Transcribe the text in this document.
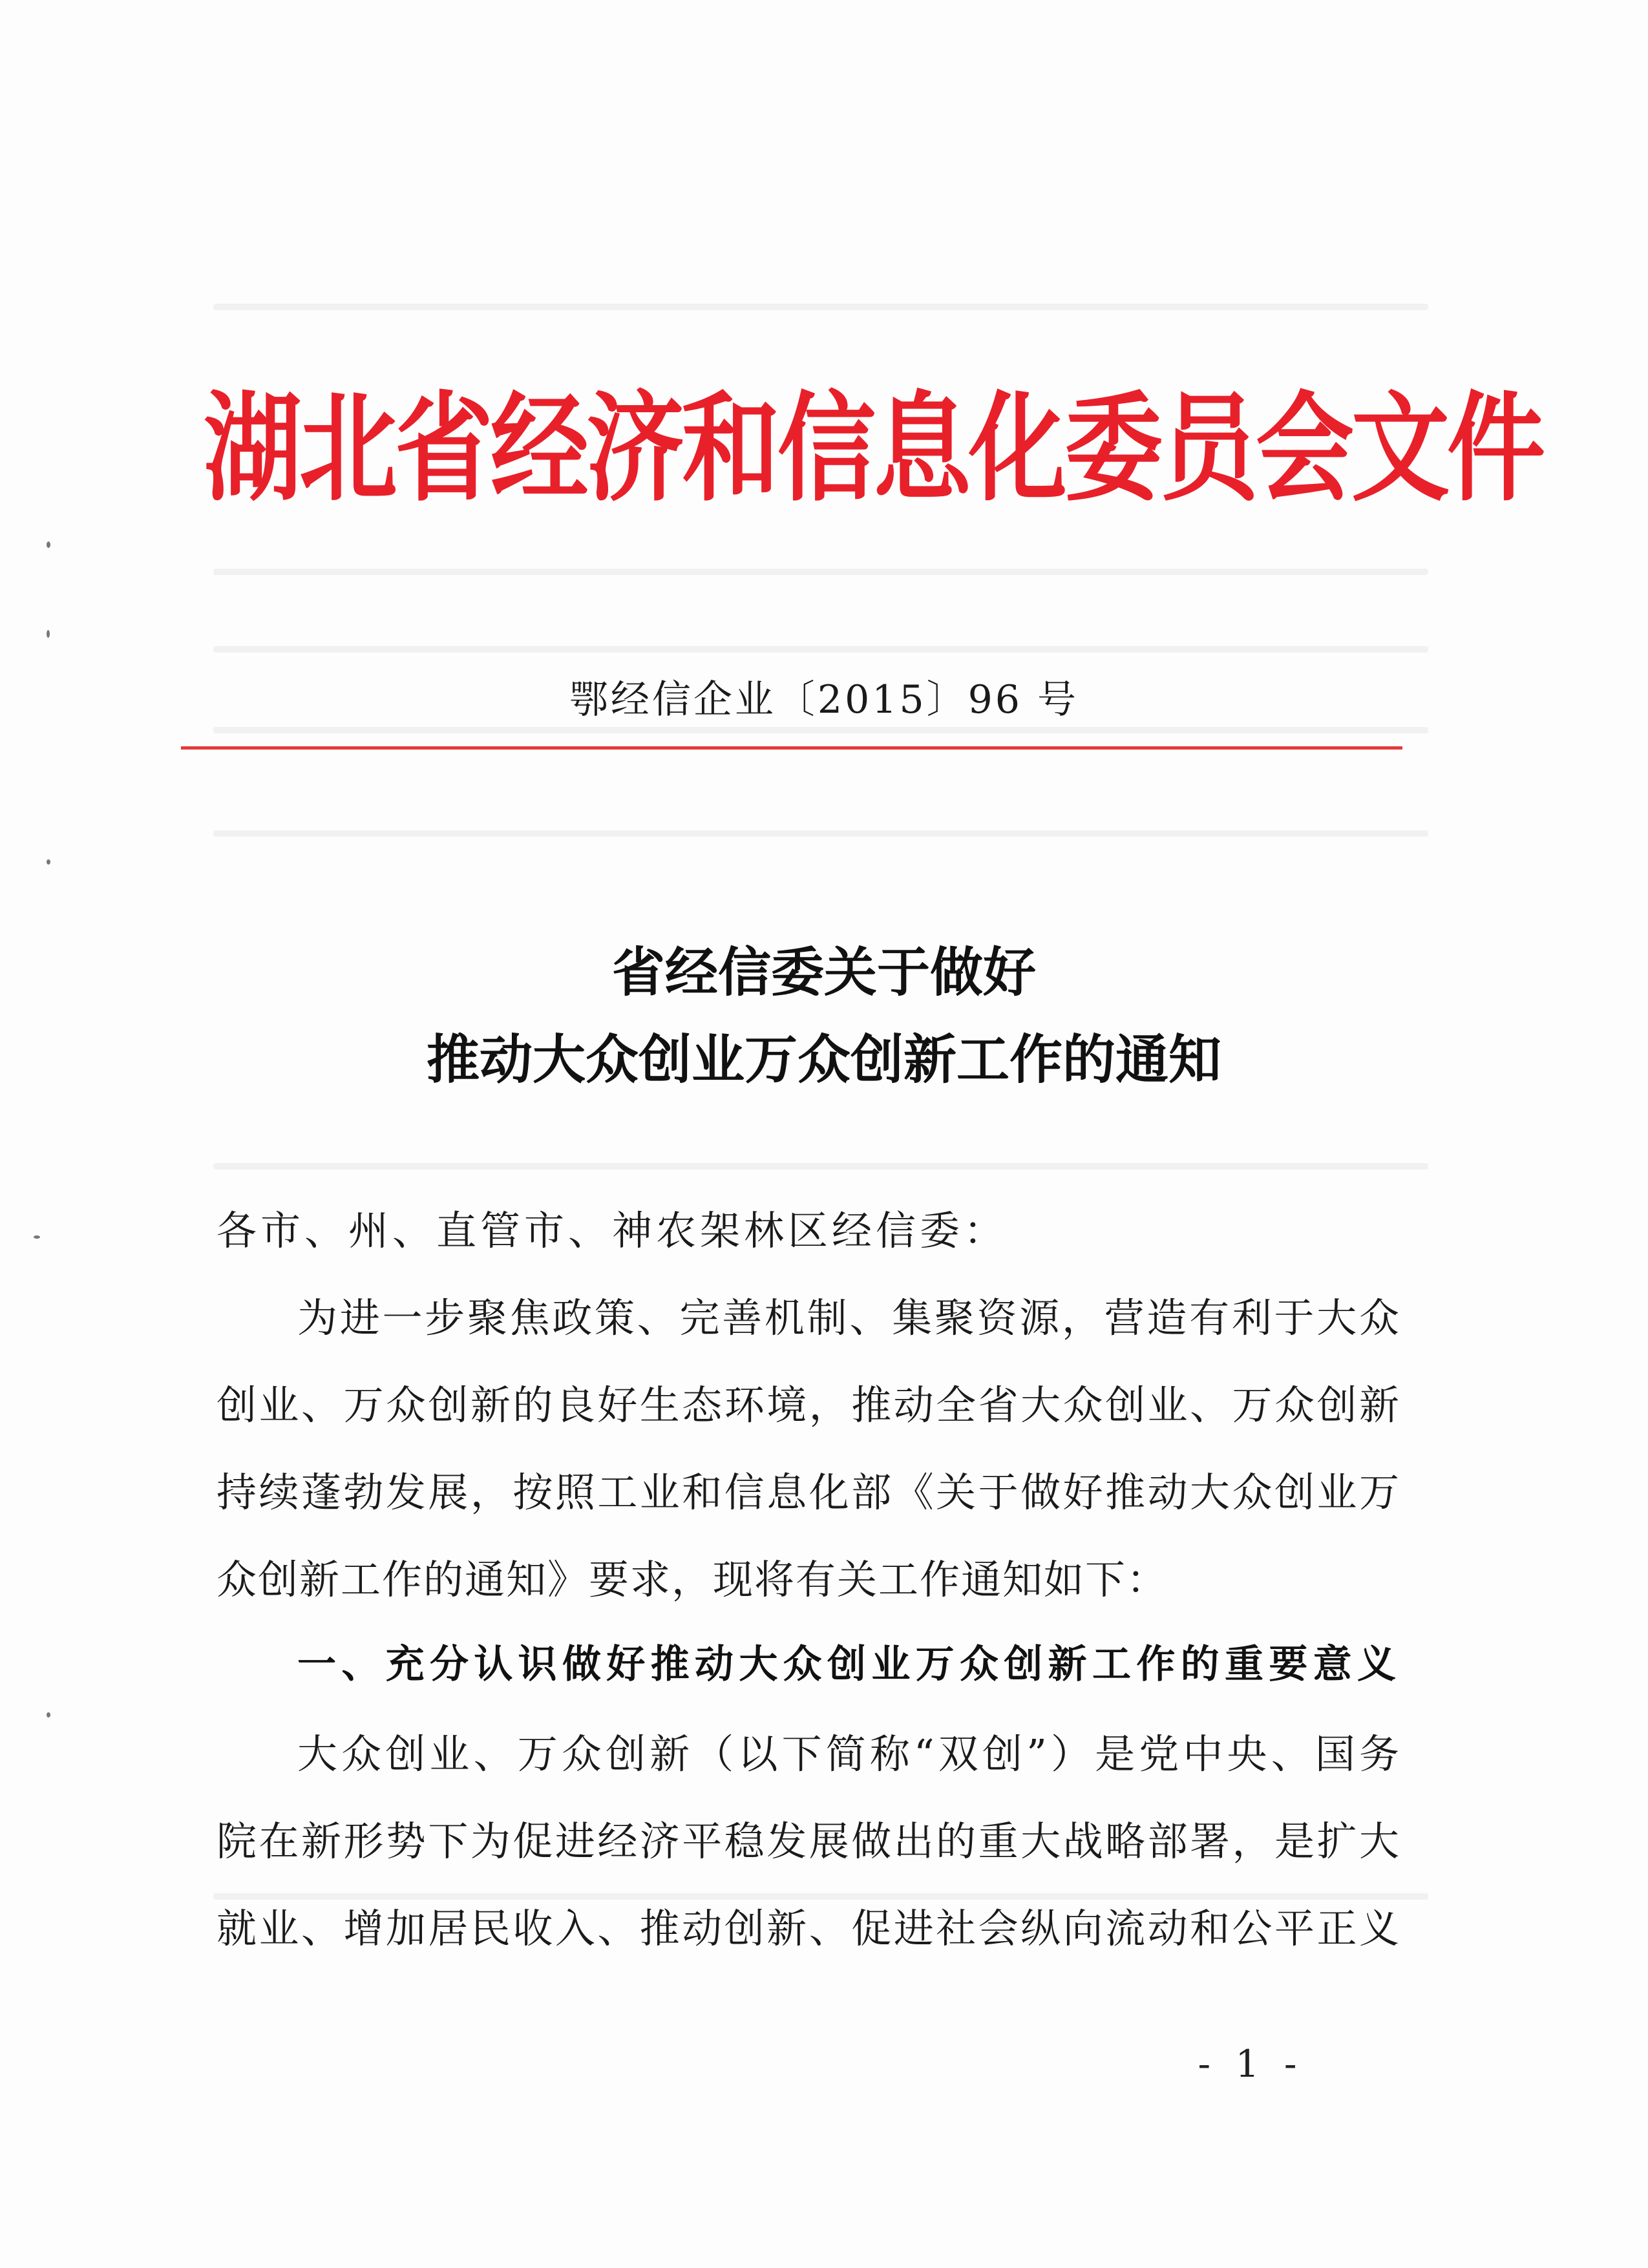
湖北省经济和信息化委员会文件
鄂经信企业〔2015〕96 号
省经信委关于做好
推动大众创业万众创新工作的通知
各市、州、直管市、神农架林区经信委：
为进一步聚焦政策、完善机制、集聚资源，营造有利于大众
创业、万众创新的良好生态环境，推动全省大众创业、万众创新
持续蓬勃发展，按照工业和信息化部《关于做好推动大众创业万
众创新工作的通知》要求，现将有关工作通知如下：
一、充分认识做好推动大众创业万众创新工作的重要意义
大众创业、万众创新（以下简称“双创”）是党中央、国务
院在新形势下为促进经济平稳发展做出的重大战略部署，是扩大
就业、增加居民收入、推动创新、促进社会纵向流动和公平正义
- 1 -
